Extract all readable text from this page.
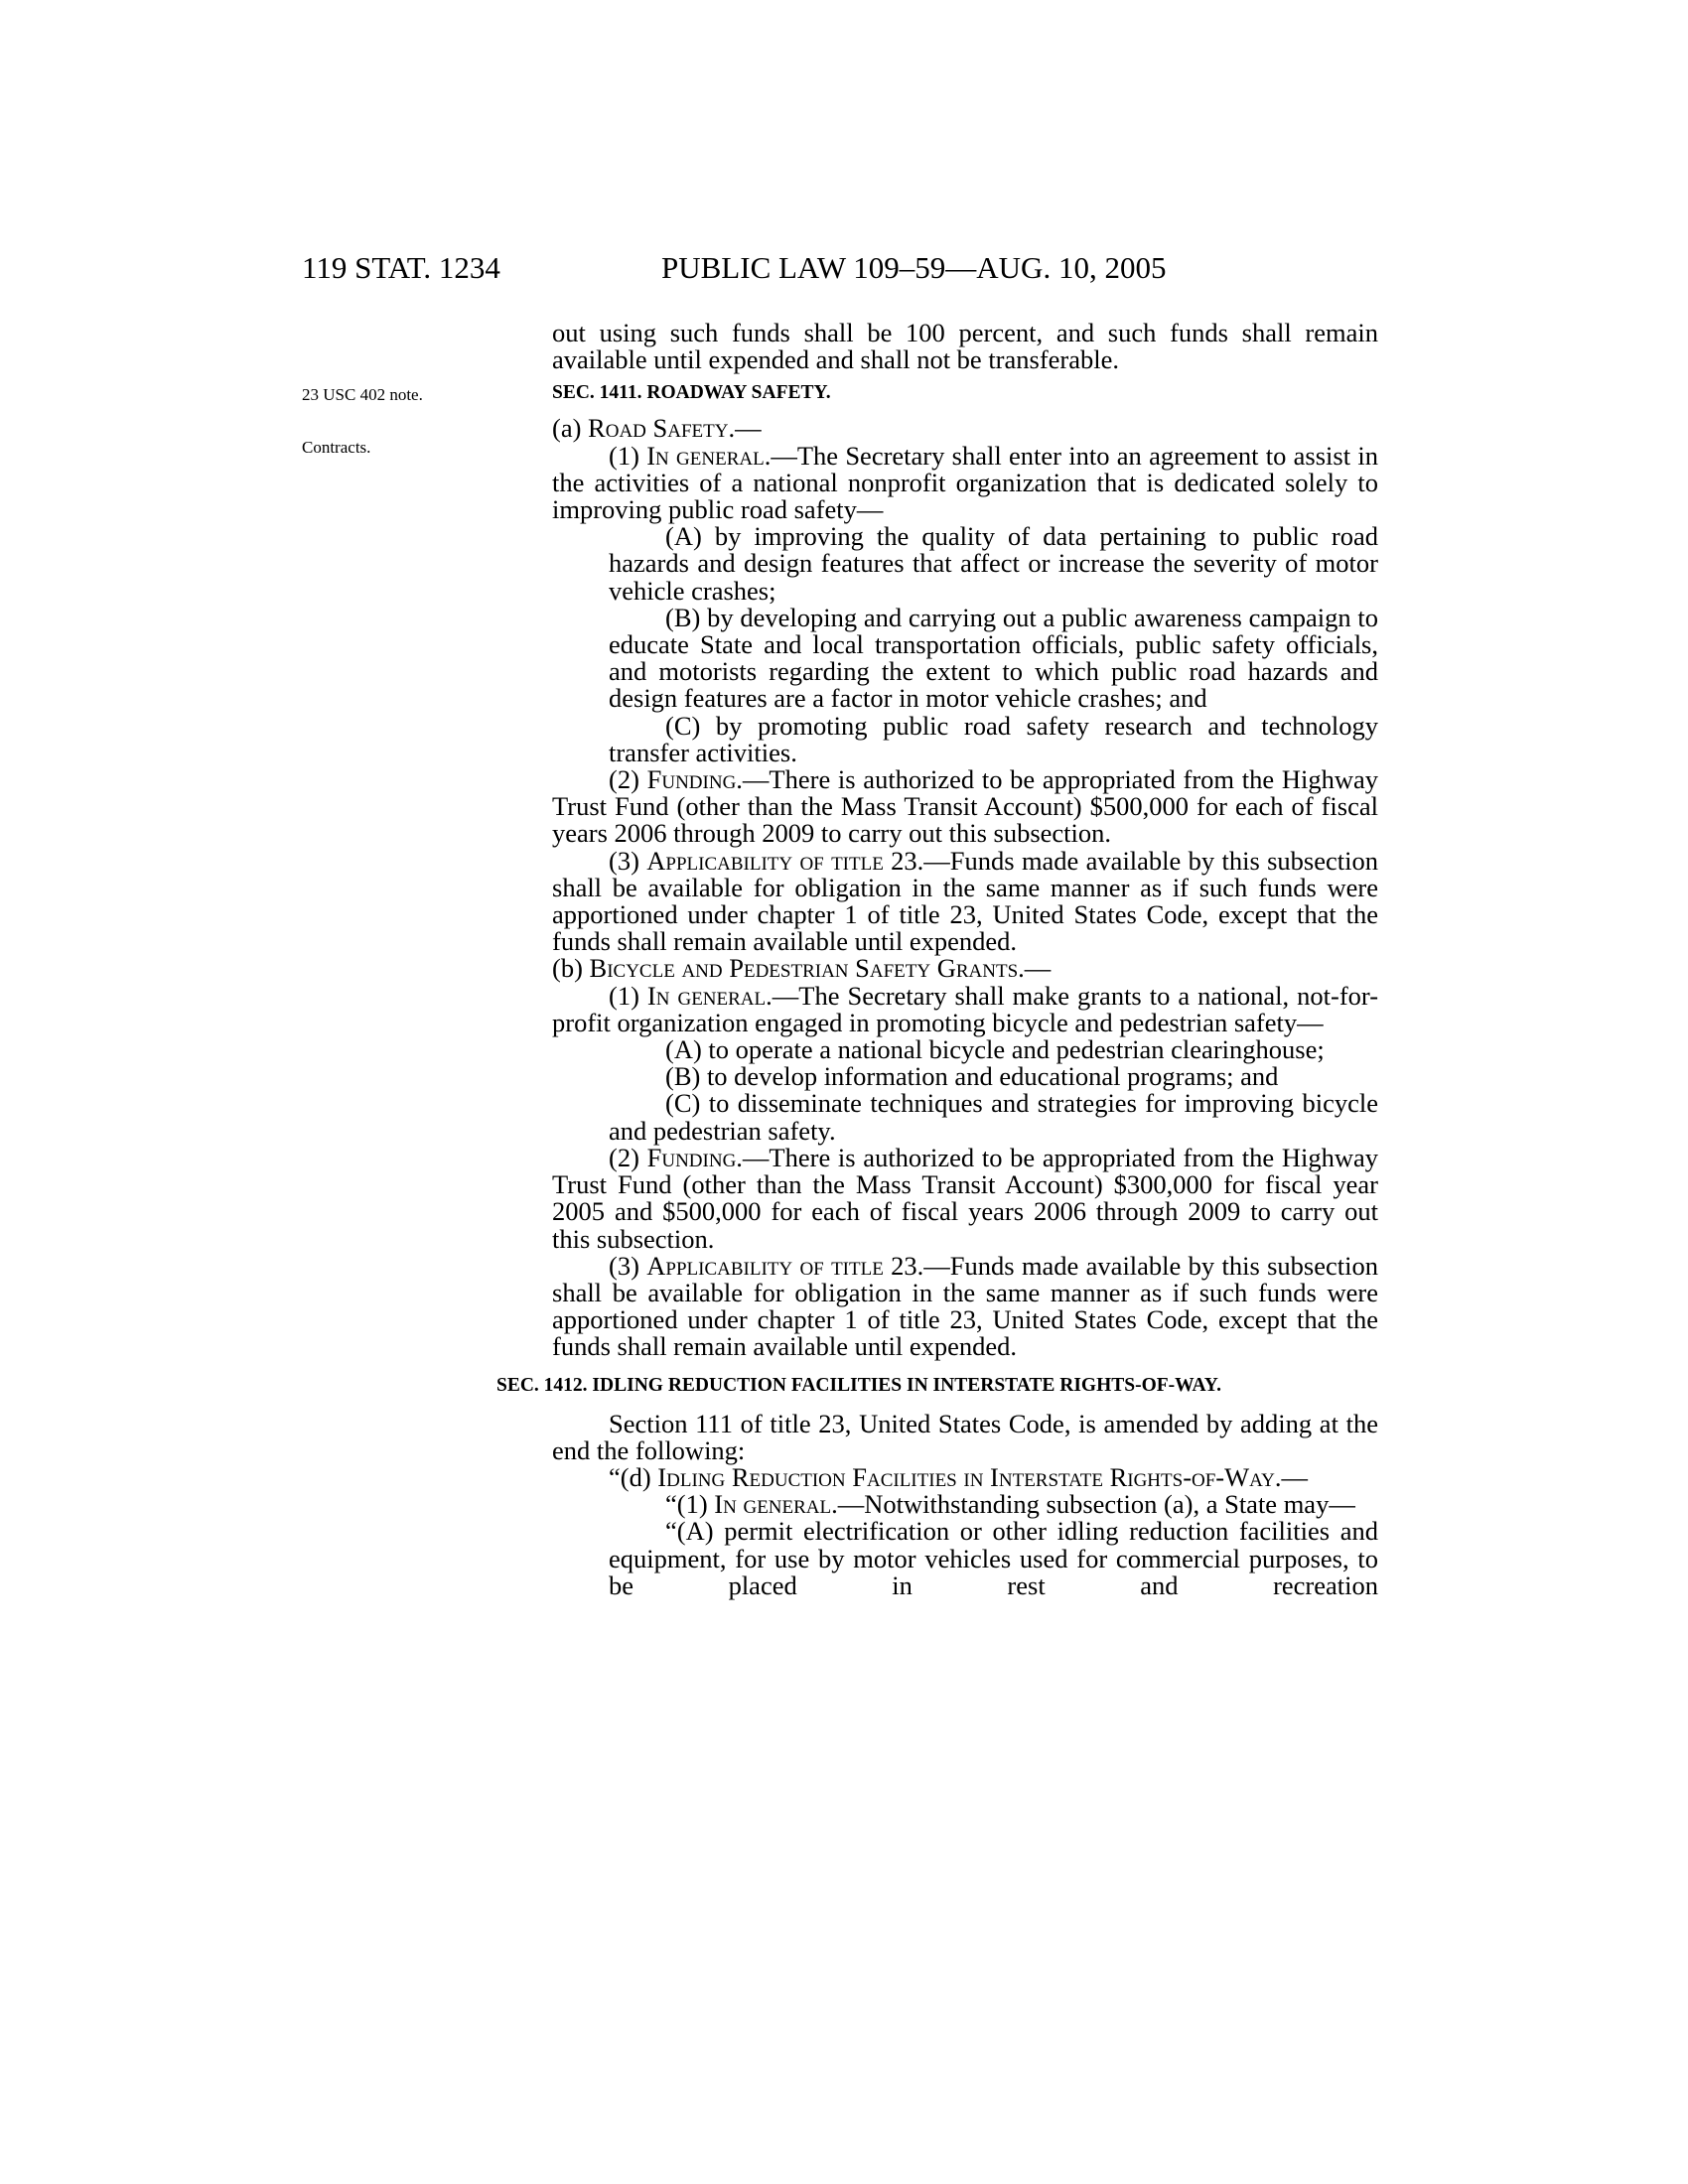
119 STAT. 1234	PUBLIC LAW 109–59—AUG. 10, 2005
23 USC 402 note.
Contracts.

out using such funds shall be 100 percent, and such funds shall remain available until expended and shall not be transferable.

SEC. 1411. ROADWAY SAFETY.

(a) Road Safety.—

(1) In general.—The Secretary shall enter into an agreement to assist in the activities of a national nonprofit organization that is dedicated solely to improving public road safety—

(A) by improving the quality of data pertaining to public road hazards and design features that affect or increase the severity of motor vehicle crashes;

(B) by developing and carrying out a public awareness campaign to educate State and local transportation officials, public safety officials, and motorists regarding the extent to which public road hazards and design features are a factor in motor vehicle crashes; and

(C) by promoting public road safety research and technology transfer activities.

(2) Funding.—There is authorized to be appropriated from the Highway Trust Fund (other than the Mass Transit Account) $500,000 for each of fiscal years 2006 through 2009 to carry out this subsection.

(3) Applicability of title 23.—Funds made available by this subsection shall be available for obligation in the same manner as if such funds were apportioned under chapter 1 of title 23, United States Code, except that the funds shall remain available until expended.

(b) Bicycle and Pedestrian Safety Grants.—

(1) In general.—The Secretary shall make grants to a national, not-for-profit organization engaged in promoting bicycle and pedestrian safety—

(A) to operate a national bicycle and pedestrian clearinghouse;

(B) to develop information and educational programs; and

(C) to disseminate techniques and strategies for improving bicycle and pedestrian safety.

(2) Funding.—There is authorized to be appropriated from the Highway Trust Fund (other than the Mass Transit Account) $300,000 for fiscal year 2005 and $500,000 for each of fiscal years 2006 through 2009 to carry out this subsection.

(3) Applicability of title 23.—Funds made available by this subsection shall be available for obligation in the same manner as if such funds were apportioned under chapter 1 of title 23, United States Code, except that the funds shall remain available until expended.

SEC. 1412. IDLING REDUCTION FACILITIES IN INTERSTATE RIGHTS-OF-WAY.

Section 111 of title 23, United States Code, is amended by adding at the end the following:

“(d) Idling Reduction Facilities in Interstate Rights-of-Way.—

“(1) In general.—Notwithstanding subsection (a), a State may—

“(A) permit electrification or other idling reduction facilities and equipment, for use by motor vehicles used for commercial purposes, to be placed in rest and recreation
